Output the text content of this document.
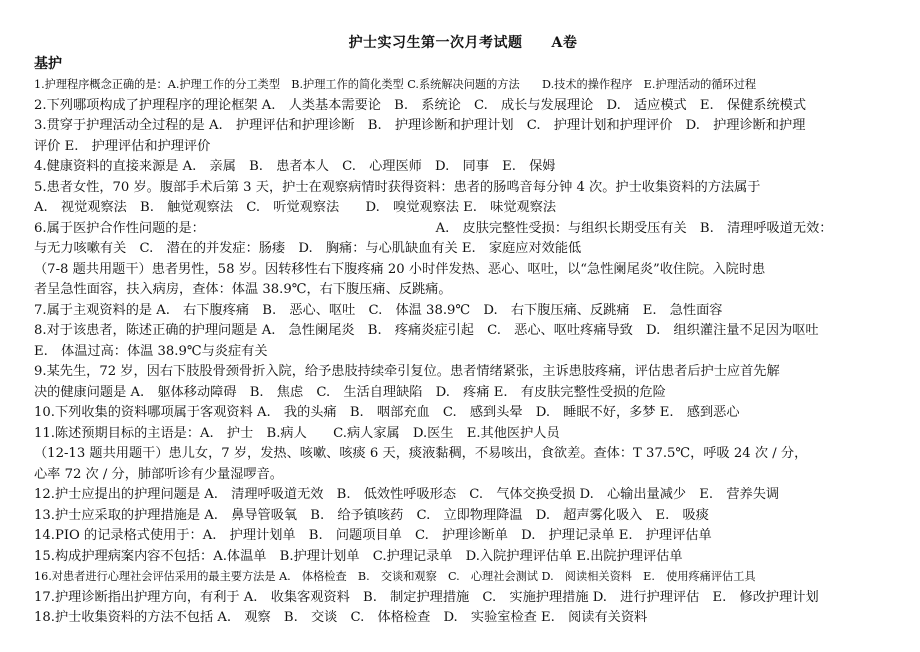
护士实习生第一次月考试题　　A卷
基护
1.护理程序概念正确的是：A.护理工作的分工类型　B.护理工作的简化类型 C.系统解决问题的方法　　D.技术的操作程序　E.护理活动的循环过程
2.下列哪项构成了护理程序的理论框架 A.　人类基本需要论　B.　系统论　C.　成长与发展理论　D.　适应模式　E.　保健系统模式
3.贯穿于护理活动全过程的是 A.　护理评估和护理诊断　B.　护理诊断和护理计划　C.　护理计划和护理评价　D.　护理诊断和护理
评价 E.　护理评估和护理评价
4.健康资料的直接来源是 A.　亲属　B.　患者本人　C.　心理医师　D.　同事　E.　保姆
5.患者女性，70 岁。腹部手术后第 3 天，护士在观察病情时获得资料：患者的肠鸣音每分钟 4 次。护士收集资料的方法属于
A.　视觉观察法　B.　触觉观察法　C.　听觉观察法　　D.　嗅觉观察法 E.　味觉观察法
6.属于医护合作性问题的是：　　　　　　　　　　　　　　　　　　A.　皮肤完整性受损：与组织长期受压有关　B.　清理呼吸道无效：
与无力咳嗽有关　C.　潜在的并发症：肠瘘　D.　胸痛：与心肌缺血有关 E.　家庭应对效能低
（7-8 题共用题干）患者男性，58 岁。因转移性右下腹疼痛 20 小时伴发热、恶心、呕吐，以“急性阑尾炎”收住院。入院时患
者呈急性面容，扶入病房，查体：体温 38.9℃，右下腹压痛、反跳痛。
7.属于主观资料的是 A.　右下腹疼痛　B.　恶心、呕吐　C.　体温 38.9℃　D.　右下腹压痛、反跳痛　E.　急性面容
8.对于该患者，陈述正确的护理问题是 A.　急性阑尾炎　B.　疼痛炎症引起　C.　恶心、呕吐疼痛导致　D.　组织灌注量不足因为呕吐
E.　体温过高：体温 38.9℃与炎症有关
9.某先生，72 岁，因右下肢股骨颈骨折入院，给予患肢持续牵引复位。患者情绪紧张，主诉患肢疼痛，评估患者后护士应首先解
决的健康问题是 A.　躯体移动障碍　B.　焦虑　C.　生活自理缺陷　D.　疼痛 E.　有皮肤完整性受损的危险
10.下列收集的资料哪项属于客观资料 A.　我的头痛　B.　咽部充血　C.　感到头晕　D.　睡眠不好，多梦 E.　感到恶心
11.陈述预期目标的主语是：A.　护士　B.病人　　C.病人家属　D.医生　E.其他医护人员
（12-13 题共用题干）患儿女，7 岁，发热、咳嗽、咳痰 6 天，痰液黏稠，不易咳出，食欲差。查体：T 37.5℃，呼吸 24 次 / 分，
心率 72 次 / 分，肺部听诊有少量湿啰音。
12.护士应提出的护理问题是 A.　清理呼吸道无效　B.　低效性呼吸形态　C.　气体交换受损 D.　心输出量减少　E.　营养失调
13.护士应采取的护理措施是 A.　鼻导管吸氧　B.　给予镇咳药　C.　立即物理降温　D.　超声雾化吸入　E.　吸痰
14.PIO 的记录格式使用于：A.　护理计划单　B.　问题项目单　C.　护理诊断单　D.　护理记录单 E.　护理评估单
15.构成护理病案内容不包括：A.体温单　B.护理计划单　C.护理记录单　D.入院护理评估单 E.出院护理评估单
16.对患者进行心理社会评估采用的最主要方法是 A.　体格检查　B.　交谈和观察　C.　心理社会测试 D.　阅读相关资料　E.　使用疼痛评估工具
17.护理诊断指出护理方向，有利于 A.　收集客观资料　B.　制定护理措施　C.　实施护理措施 D.　进行护理评估　E.　修改护理计划
18.护士收集资料的方法不包括 A.　观察　B.　交谈　C.　体格检查　D.　实验室检查 E.　阅读有关资料
